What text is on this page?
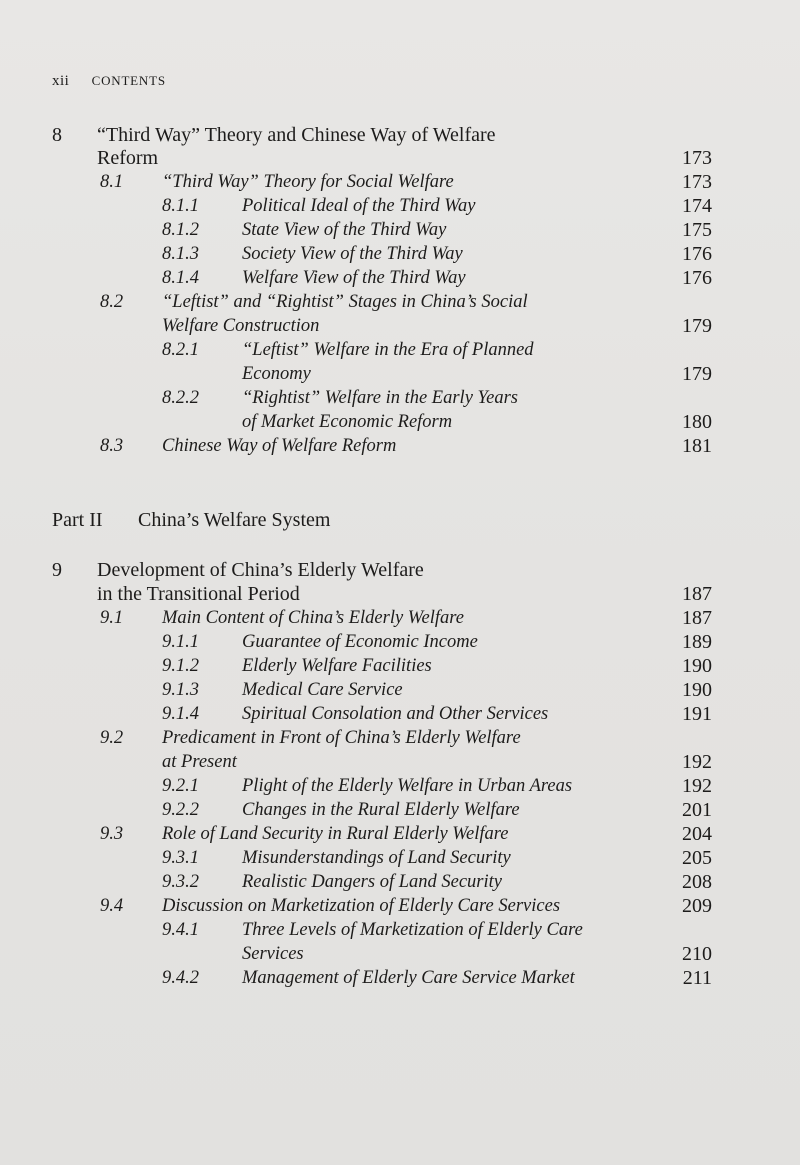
xii CONTENTS
8 “Third Way” Theory and Chinese Way of Welfare
Reform	173
8.1 “Third Way” Theory for Social Welfare	173
8.1.1 Political Ideal of the Third Way	174
8.1.2 State View of the Third Way	175
8.1.3 Society View of the Third Way	176
8.1.4 Welfare View of the Third Way	176
8.2 “Leftist” and “Rightist” Stages in China’s Social
Welfare Construction	179
8.2.1 “Leftist” Welfare in the Era of Planned
Economy	179
8.2.2 “Rightist” Welfare in the Early Years
of Market Economic Reform	180
8.3 Chinese Way of Welfare Reform	181
Part II China’s Welfare System
9 Development of China’s Elderly Welfare
in the Transitional Period	187
9.1 Main Content of China’s Elderly Welfare	187
9.1.1 Guarantee of Economic Income	189
9.1.2 Elderly Welfare Facilities	190
9.1.3 Medical Care Service	190
9.1.4 Spiritual Consolation and Other Services	191
9.2 Predicament in Front of China’s Elderly Welfare
at Present	192
9.2.1 Plight of the Elderly Welfare in Urban Areas	192
9.2.2 Changes in the Rural Elderly Welfare	201
9.3 Role of Land Security in Rural Elderly Welfare	204
9.3.1 Misunderstandings of Land Security	205
9.3.2 Realistic Dangers of Land Security	208
9.4 Discussion on Marketization of Elderly Care Services	209
9.4.1 Three Levels of Marketization of Elderly Care
Services	210
9.4.2 Management of Elderly Care Service Market	211
